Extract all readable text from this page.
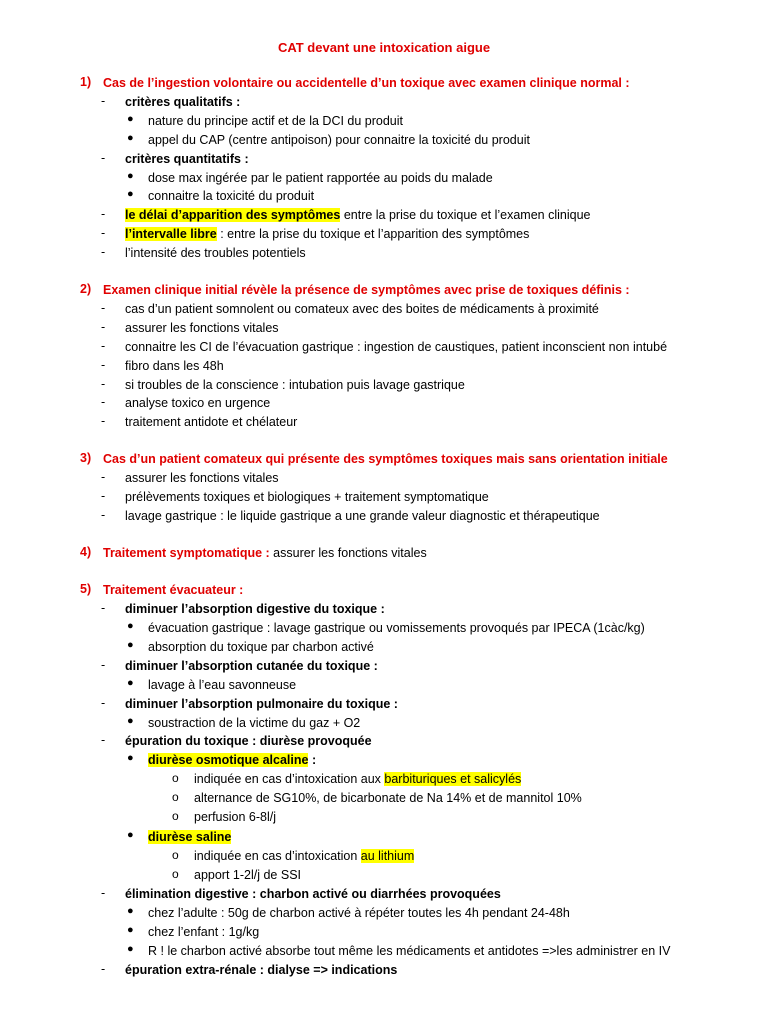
CAT devant une intoxication aigue
1) Cas de l’ingestion volontaire ou accidentelle d’un toxique avec examen clinique normal :
- critères qualitatifs :
● nature du principe actif et de la DCI du produit
● appel du CAP (centre antipoison) pour connaitre la toxicité du produit
- critères quantitatifs :
● dose max ingérée par le patient rapportée au poids du malade
● connaitre la toxicité du produit
- le délai d’apparition des symptômes entre la prise du toxique et l’examen clinique
- l’intervalle libre : entre la prise du toxique et l’apparition des symptômes
- l’intensité des troubles potentiels
2) Examen clinique initial révèle la présence de symptômes avec prise de toxiques définis :
- cas d’un patient somnolent ou comateux avec des boites de médicaments à proximité
- assurer les fonctions vitales
- connaitre les CI de l’évacuation gastrique : ingestion de caustiques, patient inconscient non intubé
- fibro dans les 48h
- si troubles de la conscience : intubation puis lavage gastrique
- analyse toxico en urgence
- traitement antidote et chélateur
3) Cas d’un patient comateux qui présente des symptômes toxiques mais sans orientation initiale
- assurer les fonctions vitales
- prélèvements toxiques et biologiques + traitement symptomatique
- lavage gastrique : le liquide gastrique a une grande valeur diagnostic et thérapeutique
4) Traitement symptomatique : assurer les fonctions vitales
5) Traitement évacuateur :
- diminuer l’absorption digestive du toxique :
● évacuation gastrique : lavage gastrique ou vomissements provoqués par IPECA (1càc/kg)
● absorption du toxique par charbon activé
- diminuer l’absorption cutanée du toxique :
● lavage à l’eau savonneuse
- diminuer l’absorption pulmonaire du toxique :
● soustraction de la victime du gaz + O2
- épuration du toxique : diurèse provoquée
● diurèse osmotique alcaline :
o indiquée en cas d’intoxication aux barbituriques et salicylés
o alternance de SG10%, de bicarbonate de Na 14% et de mannitol 10%
o perfusion 6-8l/j
● diurèse saline
o indiquée en cas d’intoxication au lithium
o apport 1-2l/j de SSI
- élimination digestive : charbon activé ou diarrhées provoquées
● chez l’adulte : 50g de charbon activé à répéter toutes les 4h pendant 24-48h
● chez l’enfant : 1g/kg
● R ! le charbon activé absorbe tout même les médicaments et antidotes =>les administrer en IV
- épuration extra-rénale : dialyse => indications
